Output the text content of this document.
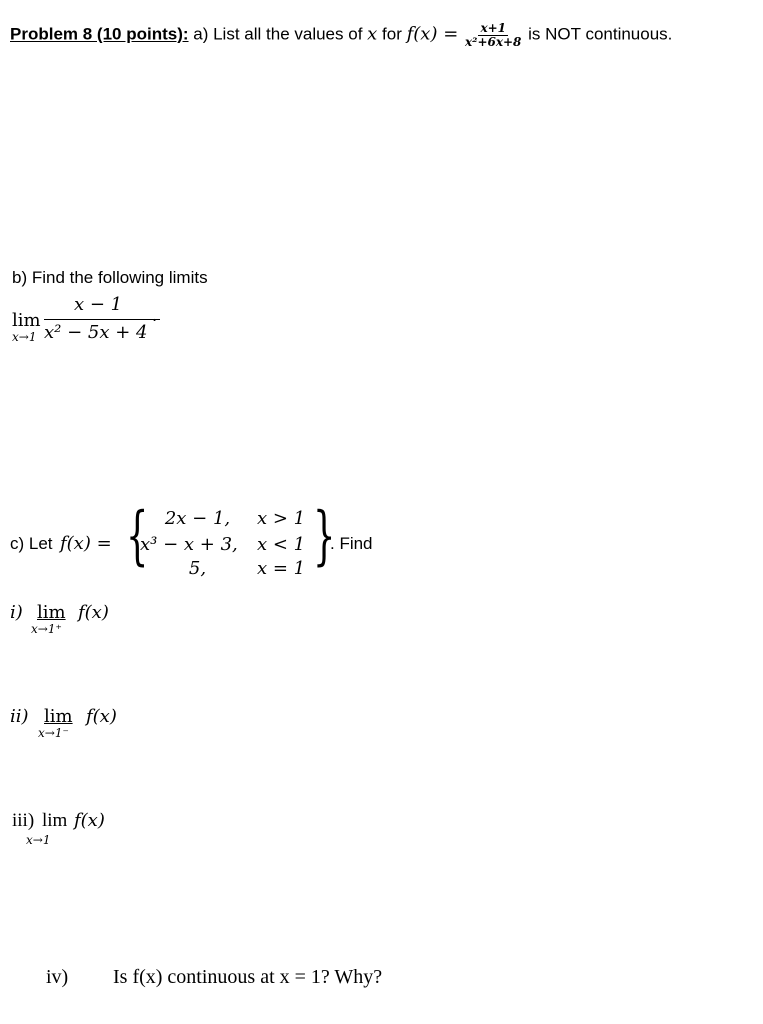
Problem 8 (10 points): a) List all the values of x for $f(x) = \frac{x+1}{\text{x²+6x+8}}$ is NOT continuous.
b) Find the following limits
lim
x→1
x − 1
x² − 5x + 4
.
c) Let f(x) = { 2x − 1,	x > 1
x³ − x + 3, x < 1
5,	x = 1 }
. Find
i) lim
x→1⁺
f(x)
ii) lim
x→1⁻
f(x)
iii) lim
x→1
f(x)
iv) Is f(x) continuous at x = 1? Why?
